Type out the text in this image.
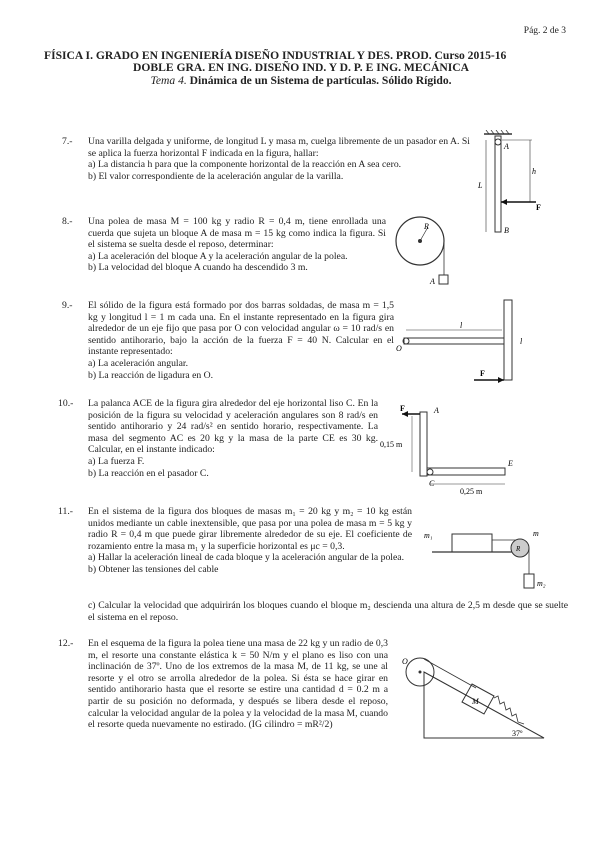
Pág. 2 de 3
FÍSICA I. GRADO EN INGENIERÍA DISEÑO INDUSTRIAL Y DES. PROD. Curso 2015-16
DOBLE GRA. EN ING. DISEÑO IND. Y D. P. E ING. MECÁNICA
Tema 4. Dinámica de un Sistema de partículas. Sólido Rígido.
7.- Una varilla delgada y uniforme, de longitud L y masa m, cuelga libremente de un pasador en A. Si se aplica la fuerza horizontal F indicada en la figura, hallar:
a) La distancia h para que la componente horizontal de la reacción en A sea cero.
b) El valor correspondiente de la aceleración angular de la varilla.
A
h
L
F
B
8.- Una polea de masa M = 100 kg y radio R = 0,4 m, tiene enrollada una cuerda que sujeta un bloque A de masa m = 15 kg como indica la figura. Si el sistema se suelta desde el reposo, determinar:
a) La aceleración del bloque A y la aceleración angular de la polea.
b) La velocidad del bloque A cuando ha descendido 3 m.
R
A
9.- El sólido de la figura está formado por dos barras soldadas, de masa m = 1,5 kg y longitud l = 1 m cada una. En el instante representado en la figura gira alrededor de un eje fijo que pasa por O con velocidad angular ω = 10 rad/s en sentido antihorario, bajo la acción de la fuerza F = 40 N. Calcular en el instante representado:
a) La aceleración angular.
b) La reacción de ligadura en O.
O
l
l
F
10.- La palanca ACE de la figura gira alrededor del eje horizontal liso C. En la posición de la figura su velocidad y aceleración angulares son 8 rad/s en sentido antihorario y 24 rad/s² en sentido horario, respectivamente. La masa del segmento AC es 20 kg y la masa de la parte CE es 30 kg. Calcular, en el instante indicado:
a) La fuerza F.
b) La reacción en el pasador C.
C
F	A
E
0,15 m
0,25 m
11.- En el sistema de la figura dos bloques de masas m₁ = 20 kg y m₂ = 10 kg están unidos mediante un cable inextensible, que pasa por una polea de masa m = 5 kg y radio R = 0,4 m que puede girar libremente alrededor de su eje. El coeficiente de rozamiento entre la masa m₁ y la superficie horizontal es μc = 0,3.
a) Hallar la aceleración lineal de cada bloque y la aceleración angular de la polea.
b) Obtener las tensiones del cable
c) Calcular la velocidad que adquirirán los bloques cuando el bloque m₂ descienda una altura de 2,5 m desde que se suelte el sistema en el reposo.
m₁
R
m
m₂
12.- En el esquema de la figura la polea tiene una masa de 22 kg y un radio de 0,3 m, el resorte una constante elástica k = 50 N/m y el plano es liso con una inclinación de 37º. Uno de los extremos de la masa M, de 11 kg, se une al resorte y el otro se arrolla alrededor de la polea. Si ésta se hace girar en sentido antihorario hasta que el resorte se estire una cantidad d = 0.2 m a partir de su posición no deformada, y después se libera desde el reposo, calcular la velocidad angular de la polea y la velocidad de la masa M, cuando el resorte queda nuevamente no estirado. (IG cilindro = mR²/2)
O
M
37º
